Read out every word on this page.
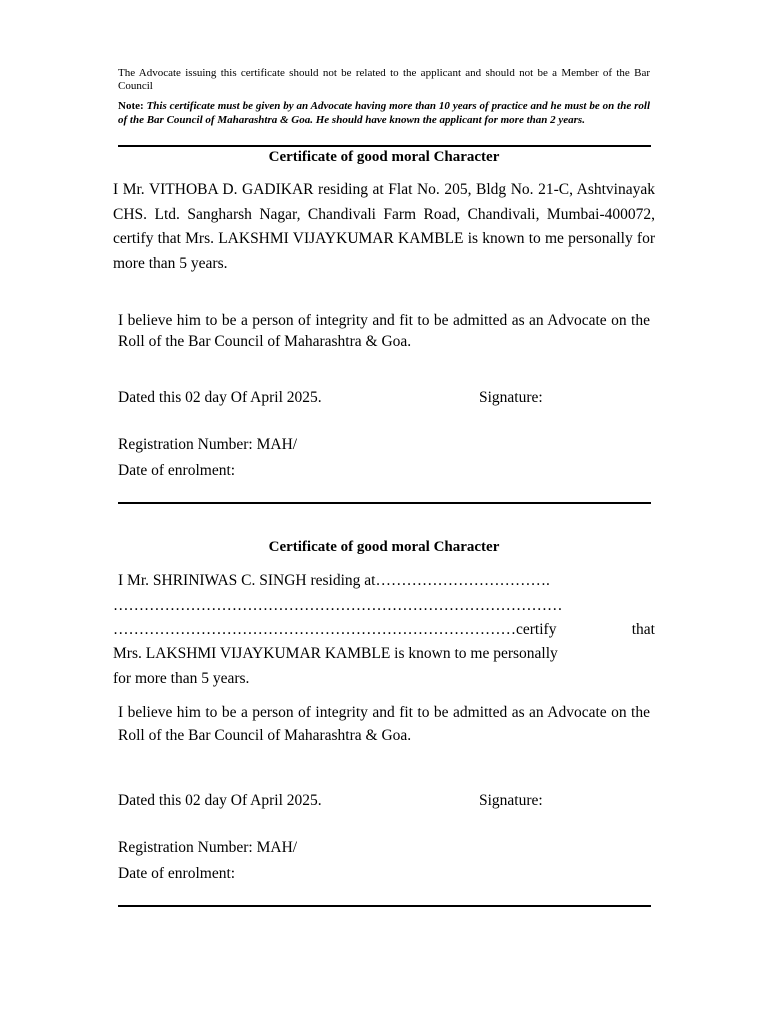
The Advocate issuing this certificate should not be related to the applicant and should not be a Member of the Bar Council
Note: This certificate must be given by an Advocate having more than 10 years of practice and he must be on the roll of the Bar Council of Maharashtra & Goa. He should have known the applicant for more than 2 years.
Certificate of good moral Character
I Mr. VITHOBA D. GADIKAR residing at Flat No. 205, Bldg No. 21-C, Ashtvinayak CHS. Ltd. Sangharsh Nagar, Chandivali Farm Road, Chandivali, Mumbai-400072, certify that Mrs. LAKSHMI VIJAYKUMAR KAMBLE is known to me personally for more than 5 years.
I believe him to be a person of integrity and fit to be admitted as an Advocate on the Roll of the Bar Council of Maharashtra & Goa.
Dated this 02 day Of April 2025.	Signature:
Registration Number: MAH/
Date of enrolment:
Certificate of good moral Character
I Mr. SHRINIWAS C. SINGH residing at…………………………….
……………………………………………………………………………
……………………………………………………………………certify	that
Mrs. LAKSHMI VIJAYKUMAR KAMBLE is known to me personally
for more than 5 years.
I believe him to be a person of integrity and fit to be admitted as an Advocate on the Roll of the Bar Council of Maharashtra & Goa.
Dated this 02 day Of April 2025.	Signature:
Registration Number: MAH/
Date of enrolment:
